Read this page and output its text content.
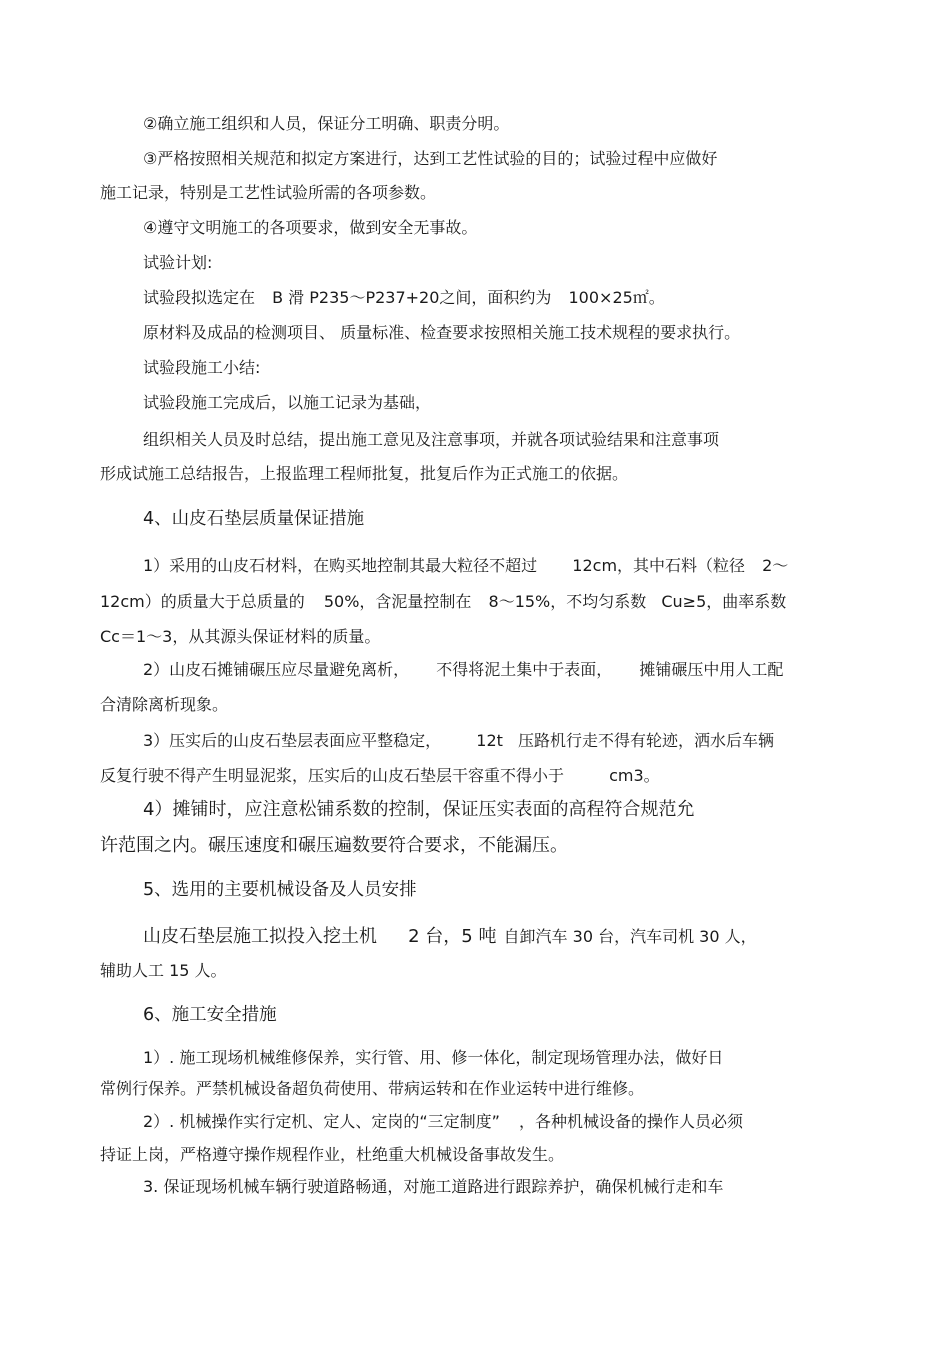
②确立施工组织和人员，保证分工明确、职责分明。
③严格按照相关规范和拟定方案进行，达到工艺性试验的目的；试验过程中应做好
施工记录，特别是工艺性试验所需的各项参数。
④遵守文明施工的各项要求，做到安全无事故。
试验计划:
试验段拟选定在 B 滑 P235～P237+20之间，面积约为 100×25㎡。
原材料及成品的检测项目、 质量标准、检查要求按照相关施工技术规程的要求执行。
试验段施工小结:
试验段施工完成后，以施工记录为基础，
组织相关人员及时总结，提出施工意见及注意事项，并就各项试验结果和注意事项
形成试施工总结报告，上报监理工程师批复，批复后作为正式施工的依据。
4、山皮石垫层质量保证措施
1）采用的山皮石材料，在购买地控制其最大粒径不超过 12cm，其中石料（粒径 2～
12cm）的质量大于总质量的 50%，含泥量控制在 8～15%，不均匀系数 Cu≥5，曲率系数
Cc＝1～3，从其源头保证材料的质量。
2）山皮石摊铺碾压应尽量避免离析， 不得将泥土集中于表面， 摊铺碾压中用人工配
合清除离析现象。
3）压实后的山皮石垫层表面应平整稳定， 12t 压路机行走不得有轮迹，洒水后车辆
反复行驶不得产生明显泥浆，压实后的山皮石垫层干容重不得小于	cm3。
4）摊铺时，应注意松铺系数的控制，保证压实表面的高程符合规范允
许范围之内。碾压速度和碾压遍数要符合要求，不能漏压。
5、选用的主要机械设备及人员安排
山皮石垫层施工拟投入挖土机 2 台，5 吨 自卸汽车 30 台，汽车司机 30 人，
辅助人工 15 人。
6、施工安全措施
1）. 施工现场机械维修保养，实行管、用、修一体化，制定现场管理办法，做好日
常例行保养。严禁机械设备超负荷使用、带病运转和在作业运转中进行维修。
2）. 机械操作实行定机、定人、定岗的“三定制度” ，各种机械设备的操作人员必须
持证上岗，严格遵守操作规程作业，杜绝重大机械设备事故发生。
3. 保证现场机械车辆行驶道路畅通，对施工道路进行跟踪养护，确保机械行走和车
